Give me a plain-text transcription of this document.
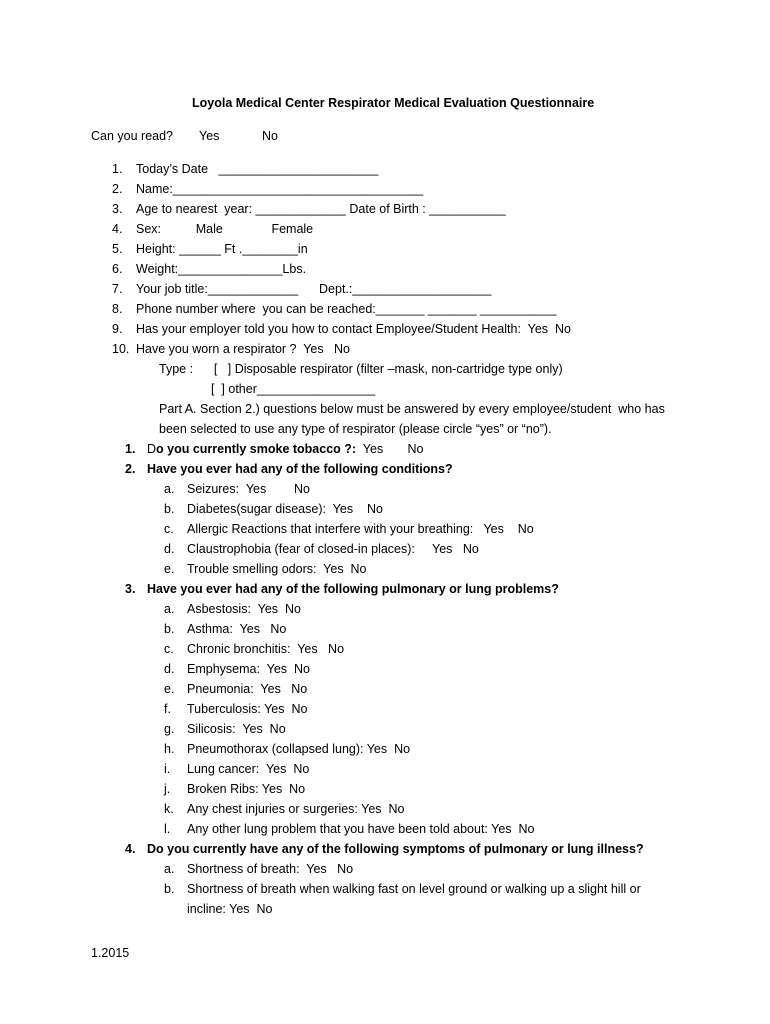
Loyola Medical Center Respirator Medical Evaluation Questionnaire
Can you read? Yes	No
1. Today’s Date   _______________________
2. Name:____________________________________
3. Age to nearest  year: _____________ Date of Birth : ___________
4. Sex:          Male              Female
5. Height: ______ Ft .________in
6. Weight:_______________Lbs.
7. Your job title:_____________      Dept.:____________________
8. Phone number where  you can be reached:_______ _______ ___________
9. Has your employer told you how to contact Employee/Student Health:  Yes  No
10. Have you worn a respirator ?  Yes   No
Type :      [   ] Disposable respirator (filter –mask, non-cartridge type only)
[  ] other_________________
Part A. Section 2.) questions below must be answered by every employee/student  who has
been selected to use any type of respirator (please circle “yes” or “no”).
1. Do you currently smoke tobacco ?:  Yes       No
2. Have you ever had any of the following conditions?
a. Seizures:  Yes        No
b. Diabetes(sugar disease):  Yes    No
c. Allergic Reactions that interfere with your breathing:   Yes    No
d. Claustrophobia (fear of closed-in places):     Yes   No
e. Trouble smelling odors:  Yes  No
3. Have you ever had any of the following pulmonary or lung problems?
a. Asbestosis:  Yes  No
b. Asthma:  Yes   No
c. Chronic bronchitis:  Yes   No
d. Emphysema:  Yes  No
e. Pneumonia:  Yes   No
f. Tuberculosis: Yes  No
g. Silicosis:  Yes  No
h. Pneumothorax (collapsed lung): Yes  No
i. Lung cancer:  Yes  No
j. Broken Ribs: Yes  No
k. Any chest injuries or surgeries: Yes  No
l. Any other lung problem that you have been told about: Yes  No
4. Do you currently have any of the following symptoms of pulmonary or lung illness?
a. Shortness of breath:  Yes   No
b. Shortness of breath when walking fast on level ground or walking up a slight hill or
incline: Yes  No
1.2015
